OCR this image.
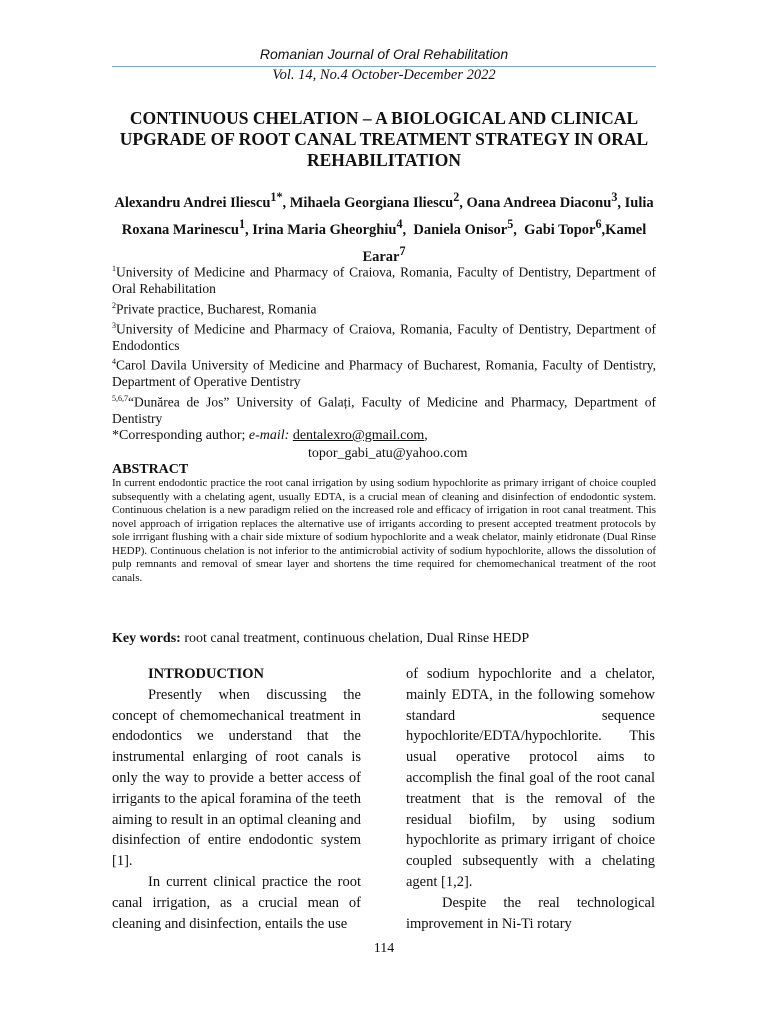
Romanian Journal of Oral Rehabilitation
Vol. 14, No.4 October-December 2022
CONTINUOUS CHELATION – A BIOLOGICAL AND CLINICAL UPGRADE OF ROOT CANAL TREATMENT STRATEGY IN ORAL REHABILITATION

Alexandru Andrei Iliescu$^{1*}$, Mihaela Georgiana Iliescu$^2$, Oana Andreea Diaconu$^3$, Iulia Roxana Marinescu$^1$, Irina Maria Gheorghiu$^4$,  Daniela Onisor$^5$,  Gabi Topor$^6$,Kamel Earar$^7$

$^1$University of Medicine and Pharmacy of Craiova, Romania, Faculty of Dentistry, Department of Oral Rehabilitation

$^2$Private practice, Bucharest, Romania

$^3$University of Medicine and Pharmacy of Craiova, Romania, Faculty of Dentistry, Department of Endodontics

$^4$Carol Davila University of Medicine and Pharmacy of Bucharest, Romania, Faculty of Dentistry, Department of Operative Dentistry

$^{5,6,7}$“Dunărea de Jos” University of Galați, Faculty of Medicine and Pharmacy, Department of Dentistry

*Corresponding author; e-mail: dentalexro@gmail.com,
topor_gabi_atu@yahoo.com
ABSTRACT

In current endodontic practice the root canal irrigation by using sodium hypochlorite as primary irrigant of choice coupled subsequently with a chelating agent, usually EDTA, is a crucial mean of cleaning and disinfection of endodontic system. Continuous chelation is a new paradigm relied on the increased role and efficacy of irrigation in root canal treatment. This novel approach of irrigation replaces the alternative use of irrigants according to present accepted treatment protocols by sole irrrigant flushing with a chair side mixture of sodium hypochlorite and a weak chelator, mainly etidronate (Dual Rinse HEDP). Continuous chelation is not inferior to the antimicrobial activity of sodium hypochlorite, allows the dissolution of pulp remnants and removal of smear layer and shortens the time required for chemomechanical treatment of the root canals.

Key words: root canal treatment, continuous chelation, Dual Rinse HEDP

INTRODUCTION

Presently when discussing the concept of chemomechanical treatment in endodontics we understand that the instrumental enlarging of root canals is only the way to provide a better access of irrigants to the apical foramina of the teeth aiming to result in an optimal cleaning and disinfection of entire endodontic system [1].

In current clinical practice the root canal irrigation, as a crucial mean of cleaning and disinfection, entails the use

of sodium hypochlorite and a chelator, mainly EDTA, in the following somehow standard sequence hypochlorite/EDTA/hypochlorite. This usual operative protocol aims to accomplish the final goal of the root canal treatment that is the removal of the residual biofilm, by using sodium hypochlorite as primary irrigant of choice coupled subsequently with a chelating agent [1,2].

Despite the real technological improvement in Ni-Ti rotary

114
